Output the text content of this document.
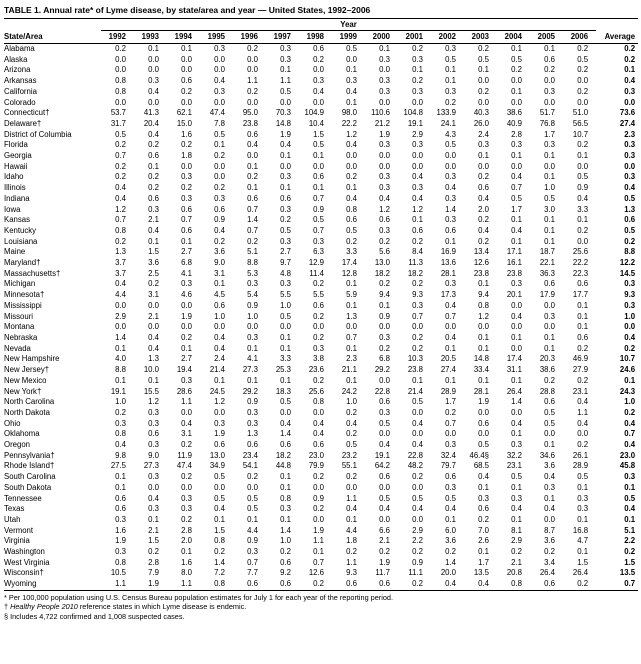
TABLE 1. Annual rate* of Lyme disease, by state/area and year — United States, 1992–2006
	Year															
State/Area	1992	1993	1994	1995	1996	1997	1998	1999	2000	2001	2002	2003	2004	2005	2006	Average
Alabama	0.2	0.1	0.1	0.3	0.2	0.3	0.6	0.5	0.1	0.2	0.3	0.2	0.1	0.1	0.2	0.2
Alaska	0.0	0.0	0.0	0.0	0.0	0.3	0.2	0.0	0.3	0.3	0.5	0.5	0.5	0.6	0.5	0.2
Arizona	0.0	0.0	0.0	0.0	0.0	0.1	0.0	0.1	0.0	0.1	0.1	0.1	0.2	0.2	0.2	0.1
Arkansas	0.8	0.3	0.6	0.4	1.1	1.1	0.3	0.3	0.3	0.2	0.1	0.0	0.0	0.0	0.0	0.4
California	0.8	0.4	0.2	0.3	0.2	0.5	0.4	0.4	0.3	0.3	0.3	0.2	0.1	0.3	0.2	0.3
Colorado	0.0	0.0	0.0	0.0	0.0	0.0	0.0	0.1	0.0	0.0	0.2	0.0	0.0	0.0	0.0	0.0
Connecticut†	53.7	41.3	62.1	47.4	95.0	70.3	104.9	98.0	110.6	104.8	133.9	40.3	38.6	51.7	51.0	73.6
Delaware†	31.7	20.4	15.0	7.8	23.8	14.8	10.4	22.2	21.2	19.1	24.1	26.0	40.9	76.8	56.5	27.4
District of Columbia	0.5	0.4	1.6	0.5	0.6	1.9	1.5	1.2	1.9	2.9	4.3	2.4	2.8	1.7	10.7	2.3
Florida	0.2	0.2	0.2	0.1	0.4	0.4	0.5	0.4	0.3	0.3	0.5	0.3	0.3	0.3	0.2	0.3
Georgia	0.7	0.6	1.8	0.2	0.0	0.1	0.1	0.0	0.0	0.0	0.0	0.1	0.1	0.1	0.1	0.3
Hawaii	0.2	0.1	0.0	0.0	0.1	0.0	0.0	0.0	0.0	0.0	0.0	0.0	0.0	0.0	0.0	0.0
Idaho	0.2	0.2	0.3	0.0	0.2	0.3	0.6	0.2	0.3	0.4	0.3	0.2	0.4	0.1	0.5	0.3
Illinois	0.4	0.2	0.2	0.2	0.1	0.1	0.1	0.1	0.3	0.3	0.4	0.6	0.7	1.0	0.9	0.4
Indiana	0.4	0.6	0.3	0.3	0.6	0.6	0.7	0.4	0.4	0.4	0.3	0.4	0.5	0.5	0.4	0.5
Iowa	1.2	0.3	0.6	0.6	0.7	0.3	0.9	0.8	1.2	1.2	1.4	2.0	1.7	3.0	3.3	1.3
Kansas	0.7	2.1	0.7	0.9	1.4	0.2	0.5	0.6	0.6	0.1	0.3	0.2	0.1	0.1	0.1	0.6
Kentucky	0.8	0.4	0.6	0.4	0.7	0.5	0.7	0.5	0.3	0.6	0.6	0.4	0.4	0.1	0.2	0.5
Louisiana	0.2	0.1	0.1	0.2	0.2	0.3	0.3	0.2	0.2	0.2	0.1	0.2	0.1	0.1	0.0	0.2
Maine	1.3	1.5	2.7	3.6	5.1	2.7	6.3	3.3	5.6	8.4	16.9	13.4	17.1	18.7	25.6	8.8
Maryland†	3.7	3.6	6.8	9.0	8.8	9.7	12.9	17.4	13.0	11.3	13.6	12.6	16.1	22.1	22.2	12.2
Massachusetts†	3.7	2.5	4.1	3.1	5.3	4.8	11.4	12.8	18.2	18.2	28.1	23.8	23.8	36.3	22.3	14.5
Michigan	0.4	0.2	0.3	0.1	0.3	0.3	0.2	0.1	0.2	0.2	0.3	0.1	0.3	0.6	0.6	0.3
Minnesota†	4.4	3.1	4.6	4.5	5.4	5.5	5.5	5.9	9.4	9.3	17.3	9.4	20.1	17.9	17.7	9.3
Mississippi	0.0	0.0	0.0	0.6	0.9	1.0	0.6	0.1	0.1	0.3	0.4	0.8	0.0	0.0	0.1	0.3
Missouri	2.9	2.1	1.9	1.0	1.0	0.5	0.2	1.3	0.9	0.7	0.7	1.2	0.4	0.3	0.1	1.0
Montana	0.0	0.0	0.0	0.0	0.0	0.0	0.0	0.0	0.0	0.0	0.0	0.0	0.0	0.0	0.1	0.0
Nebraska	1.4	0.4	0.2	0.4	0.3	0.1	0.2	0.7	0.3	0.2	0.4	0.1	0.1	0.1	0.6	0.4
Nevada	0.1	0.4	0.1	0.4	0.1	0.1	0.3	0.1	0.2	0.2	0.1	0.1	0.0	0.1	0.2	0.2
New Hampshire	4.0	1.3	2.7	2.4	4.1	3.3	3.8	2.3	6.8	10.3	20.5	14.8	17.4	20.3	46.9	10.7
New Jersey†	8.8	10.0	19.4	21.4	27.3	25.3	23.6	21.1	29.2	23.8	27.4	33.4	31.1	38.6	27.9	24.6
New Mexico	0.1	0.1	0.3	0.1	0.1	0.1	0.2	0.1	0.0	0.1	0.1	0.1	0.1	0.2	0.2	0.1
New York†	19.1	15.5	28.6	24.5	29.2	18.3	25.6	24.2	22.8	21.4	28.9	28.1	26.4	28.8	23.1	24.3
North Carolina	1.0	1.2	1.1	1.2	0.9	0.5	0.8	1.0	0.6	0.5	1.7	1.9	1.4	0.6	0.4	1.0
North Dakota	0.2	0.3	0.0	0.0	0.3	0.0	0.0	0.2	0.3	0.0	0.2	0.0	0.0	0.5	1.1	0.2
Ohio	0.3	0.3	0.4	0.3	0.3	0.4	0.4	0.4	0.5	0.4	0.7	0.6	0.4	0.5	0.4	0.4
Oklahoma	0.8	0.6	3.1	1.9	1.3	1.4	0.4	0.2	0.0	0.0	0.0	0.0	0.1	0.0	0.0	0.7
Oregon	0.4	0.3	0.2	0.6	0.6	0.6	0.6	0.5	0.4	0.4	0.3	0.5	0.3	0.1	0.2	0.4
Pennsylvania†	9.8	9.0	11.9	13.0	23.4	18.2	23.0	23.2	19.1	22.8	32.4	46.4§	32.2	34.6	26.1	23.0
Rhode Island†	27.5	27.3	47.4	34.9	54.1	44.8	79.9	55.1	64.2	48.2	79.7	68.5	23.1	3.6	28.9	45.8
South Carolina	0.1	0.3	0.2	0.5	0.2	0.1	0.2	0.2	0.6	0.2	0.6	0.4	0.5	0.4	0.5	0.3
South Dakota	0.1	0.0	0.0	0.0	0.0	0.1	0.0	0.0	0.0	0.0	0.3	0.1	0.1	0.3	0.1	0.1
Tennessee	0.6	0.4	0.3	0.5	0.5	0.8	0.9	1.1	0.5	0.5	0.5	0.3	0.3	0.1	0.3	0.5
Texas	0.6	0.3	0.3	0.4	0.5	0.3	0.2	0.4	0.4	0.4	0.4	0.6	0.4	0.4	0.3	0.4
Utah	0.3	0.1	0.2	0.1	0.1	0.1	0.0	0.1	0.0	0.0	0.1	0.2	0.1	0.0	0.1	0.1
Vermont	1.6	2.1	2.8	1.5	4.4	1.4	1.9	4.4	6.6	2.9	6.0	7.0	8.1	8.7	16.8	5.1
Virginia	1.9	1.5	2.0	0.8	0.9	1.0	1.1	1.8	2.1	2.2	3.6	2.6	2.9	3.6	4.7	2.2
Washington	0.3	0.2	0.1	0.2	0.3	0.2	0.1	0.2	0.2	0.2	0.2	0.1	0.2	0.2	0.1	0.2
West Virginia	0.8	2.8	1.6	1.4	0.7	0.6	0.7	1.1	1.9	0.9	1.4	1.7	2.1	3.4	1.5	1.5
Wisconsin†	10.5	7.9	8.0	7.2	7.7	9.2	12.6	9.3	11.7	11.1	20.0	13.5	20.8	26.4	26.4	13.5
Wyoming	1.1	1.9	1.1	0.8	0.6	0.6	0.2	0.6	0.6	0.2	0.4	0.4	0.8	0.6	0.2	0.7
* Per 100,000 population using U.S. Census Bureau population estimates for July 1 for each year of the reporting period.
† Healthy People 2010 reference states in which Lyme disease is endemic.
§ Includes 4,722 confirmed and 1,008 suspected cases.
